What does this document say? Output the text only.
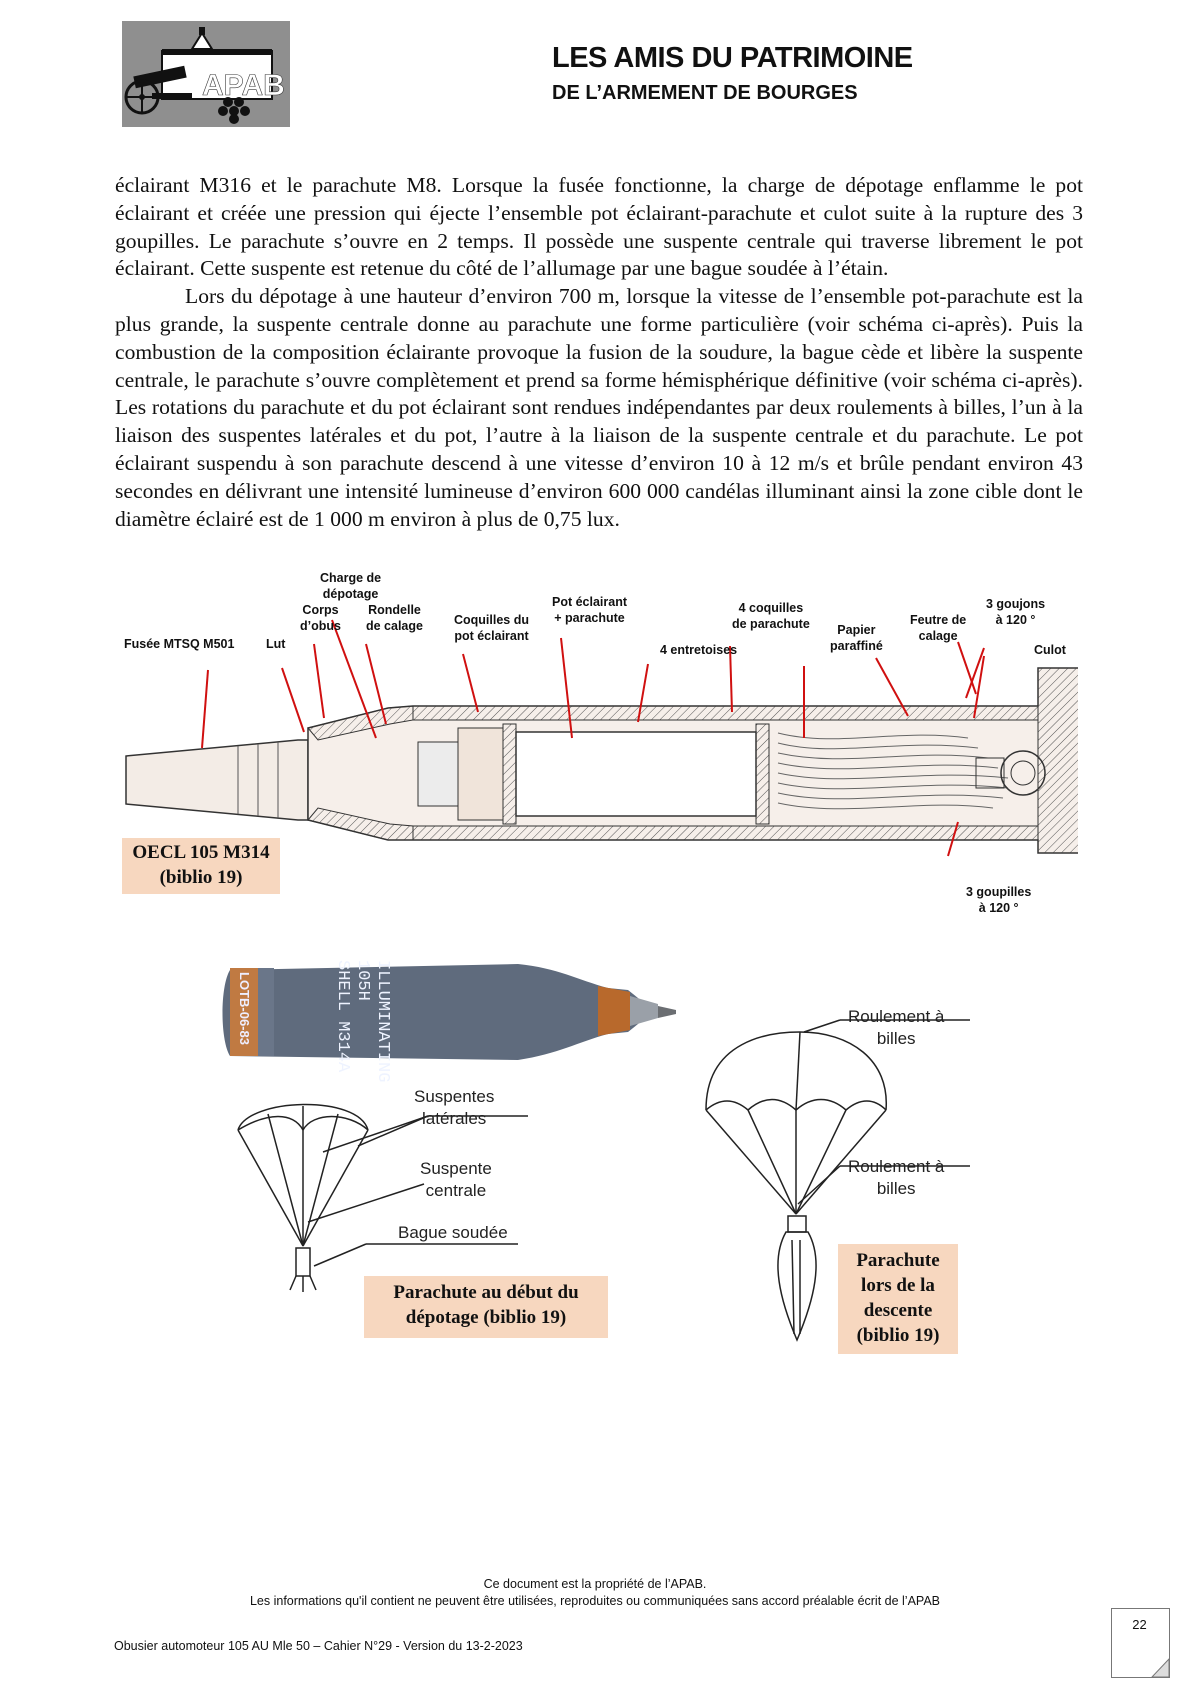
APAB
LES AMIS DU PATRIMOINE
DE L’ARMEMENT DE BOURGES

éclairant M316 et le parachute M8. Lorsque la fusée fonctionne, la charge de dépotage enflamme le pot éclairant et créée une pression qui éjecte l’ensemble pot éclairant-parachute et culot suite à la rupture des 3 goupilles. Le parachute s’ouvre en 2 temps. Il possède une suspente centrale qui traverse librement le pot éclairant. Cette suspente est retenue du côté de l’allumage par une bague soudée à l’étain.

Lors du dépotage à une hauteur d’environ 700 m, lorsque la vitesse de l’ensemble pot-parachute est la plus grande, la suspente centrale donne au parachute une forme particulière (voir schéma ci-après). Puis la combustion de la composition éclairante provoque la fusion de la soudure, la bague cède et libère la suspente centrale, le parachute s’ouvre complètement et prend sa forme hémisphérique définitive (voir schéma ci-après). Les rotations du parachute et du pot éclairant sont rendues indépendantes par deux roulements à billes, l’un à la liaison des suspentes latérales et du pot, l’autre à la liaison de la suspente centrale et du parachute. Le pot éclairant suspendu à son parachute descend à une vitesse d’environ 10 à 12 m/s et brûle pendant environ 43 secondes en délivrant une intensité lumineuse d’environ 600 000 candélas illuminant ainsi la zone cible dont le diamètre éclairé est de 1 000 m environ à plus de 0,75 lux.

Fusée MTSQ M501	Lut
Corps
d’obus
Charge de
dépotage
Rondelle
de calage Coquilles du
pot éclairant
Pot éclairant
+ parachute
4 entretoises
4 coquilles
de parachute	Papier
paraffiné
Feutre de
calage
3 goujons
à 120 °
Culot
3 goupilles
à 120 °
OECL 105 M314
(biblio 19)
LOTB-06-83	ILLUMINATING
105H
SHELL M314A
Suspentes
latérales
Suspente
centrale
Bague soudée
Parachute au début du
dépotage (biblio 19)
Roulement à
billes
Roulement à
billes
Parachute
lors de la
descente
(biblio 19)
Ce document est la propriété de l’APAB.
Les informations qu'il contient ne peuvent être utilisées, reproduites ou communiquées sans accord préalable écrit de l’APAB
Obusier automoteur 105 AU Mle 50 – Cahier N°29 - Version du 13-2-2023
22
